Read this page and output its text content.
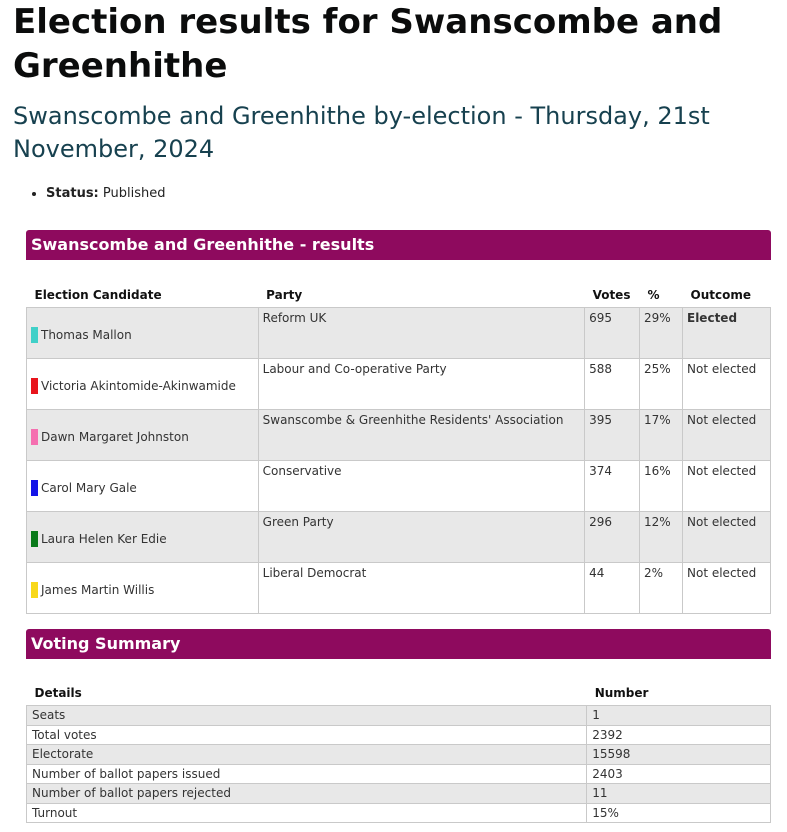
Election results for Swanscombe and Greenhithe
Swanscombe and Greenhithe by-election - Thursday, 21st November, 2024
• Status: Published
Swanscombe and Greenhithe - results
Election Candidate	Party	Votes	%	Outcome
Thomas Mallon	Reform UK	695	29%	Elected
Victoria Akintomide-Akinwamide	Labour and Co-operative Party	588	25%	Not elected
Dawn Margaret Johnston	Swanscombe & Greenhithe Residents' Association	395	17%	Not elected
Carol Mary Gale	Conservative	374	16%	Not elected
Laura Helen Ker Edie	Green Party	296	12%	Not elected
James Martin Willis	Liberal Democrat	44	2%	Not elected
Voting Summary
Details	Number
Seats	1
Total votes	2392
Electorate	15598
Number of ballot papers issued	2403
Number of ballot papers rejected	11
Turnout	15%
